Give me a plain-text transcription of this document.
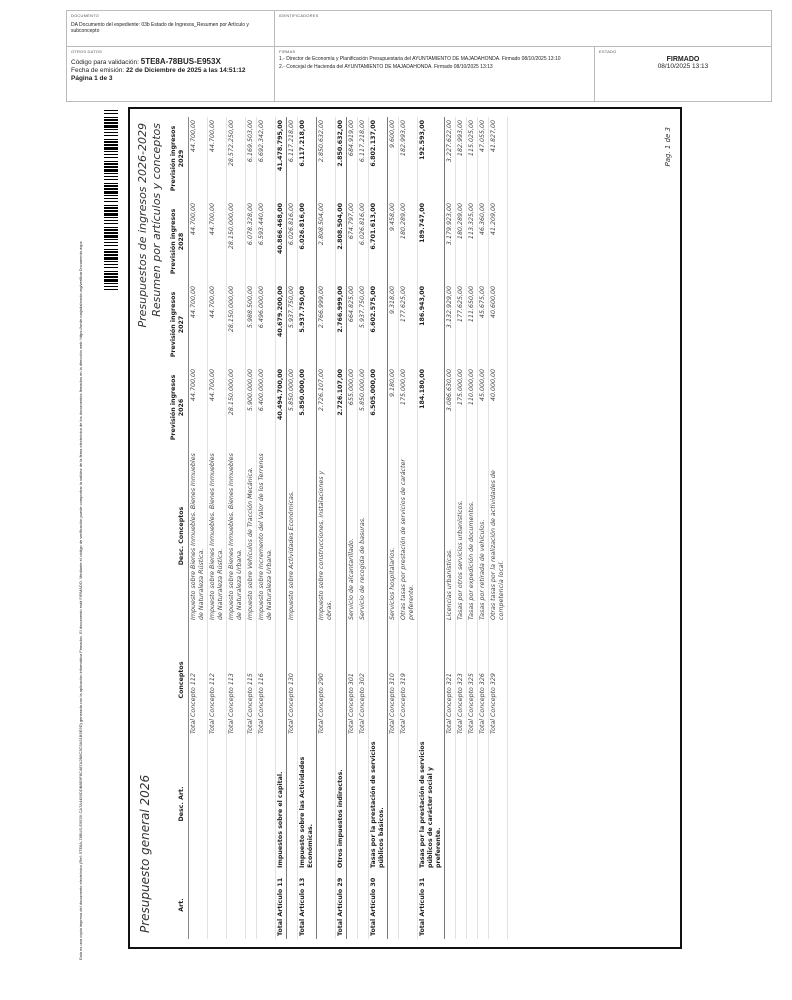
DOCUMENTO
DA Documento del expediente: 03b Estado de Ingresos_Resumen por Artículo y subconcepto
IDENTIFICADORES
OTROS DATOS
Código para validación: 5TE8A-78BUS-E953X
Fecha de emisión: 22 de Diciembre de 2025 a las 14:51:12
Página 1 de 3
FIRMAS
1.- Director de Economía y Planificación Presupuestaria del AYUNTAMIENTO DE MAJADAHONDA. Firmado 08/10/2025 13:10
2.- Concejal de Hacienda del AYUNTAMIENTO DE MAJADAHONDA. Firmado 08/10/2025 13:13
ESTADO
FIRMADO
08/10/2025 13:13
Esta es una copia impresa del documento electrónico (Ref: 5TE8A-78BUS-E953X CA7A4459DDB8E9F8C487A2B8C3C5A51B5E9D) generada con la aplicación informática Firmadoc. El documento está FIRMADO. Mediante el código de verificación puede comprobar la validez de la firma electrónica de los documentos firmados en la dirección web: https://sede.majadahonda.org/verificarDocumento.aspx	Presupuesto general 2026
Presupuestos de ingresos 2026-2029 Resumen por artículos y conceptos
Art.	Desc. Art.	Conceptos	Desc. Conceptos	Previsión ingresos 2026	Previsión ingresos 2027	Previsión ingresos 2028	Previsión ingresos 2029
		Total Concepto 112	Impuesto sobre Bienes Inmuebles. Bienes Inmuebles de Naturaleza Rústica.	44.700,00	44.700,00	44.700,00	44.700,00
		Total Concepto 112	Impuesto sobre Bienes Inmuebles. Bienes Inmuebles de Naturaleza Rústica.	44.700,00	44.700,00	44.700,00	44.700,00
		Total Concepto 113	Impuesto sobre Bienes Inmuebles. Bienes Inmuebles de Naturaleza Urbana.	28.150.000,00	28.150.000,00	28.150.000,00	28.572.250,00
		Total Concepto 115	Impuesto sobre Vehículos de Tracción Mecánica.	5.900.000,00	5.988.500,00	6.078.328,00	6.169.503,00
		Total Concepto 116	Impuesto sobre Incremento del Valor de los Terrenos de Naturaleza Urbana.	6.400.000,00	6.496.000,00	6.593.440,00	6.692.342,00
Total Artículo 11	Impuestos sobre el capital.			40.494.700,00	40.679.200,00	40.866.468,00	41.478.795,00
		Total Concepto 130	Impuesto sobre Actividades Económicas.	5.850.000,00	5.937.750,00	6.026.816,00	6.117.218,00
Total Artículo 13	Impuesto sobre las Actividades Económicas.			5.850.000,00	5.937.750,00	6.026.816,00	6.117.218,00
		Total Concepto 290	Impuesto sobre construcciones, instalaciones y obras.	2.726.107,00	2.766.999,00	2.808.504,00	2.850.632,00
Total Artículo 29	Otros impuestos indirectos.			2.726.107,00	2.766.999,00	2.808.504,00	2.850.632,00
		Total Concepto 301	Servicio de alcantarillado.	655.000,00	664.825,00	674.797,00	684.919,00
		Total Concepto 302	Servicio de recogida de basuras.	5.850.000,00	5.937.750,00	6.026.816,00	6.117.218,00
Total Artículo 30	Tasas por la prestación de servicios públicos básicos.			6.505.000,00	6.602.575,00	6.701.613,00	6.802.137,00
		Total Concepto 310	Servicios hospitalarios.	9.180,00	9.318,00	9.458,00	9.600,00
		Total Concepto 319	Otras tasas por prestación de servicios de carácter preferente.	175.000,00	177.625,00	180.289,00	182.993,00
Total Artículo 31	Tasas por la prestación de servicios públicos de carácter social y preferente.			184.180,00	186.943,00	189.747,00	192.593,00
		Total Concepto 321	Licencias urbanísticas.	3.086.630,00	3.132.929,00	3.179.923,00	3.227.622,00
		Total Concepto 323	Tasas por otros servicios urbanísticos.	175.000,00	177.625,00	180.289,00	182.993,00
		Total Concepto 325	Tasas por expedición de documentos.	110.000,00	111.650,00	113.325,00	115.025,00
		Total Concepto 326	Tasas por retirada de vehículos.	45.000,00	45.675,00	46.360,00	47.055,00
		Total Concepto 329	Otras tasas por la realización de actividades de competencia local.	40.000,00	40.600,00	41.209,00	41.827,00	Pag. 1 de 3
